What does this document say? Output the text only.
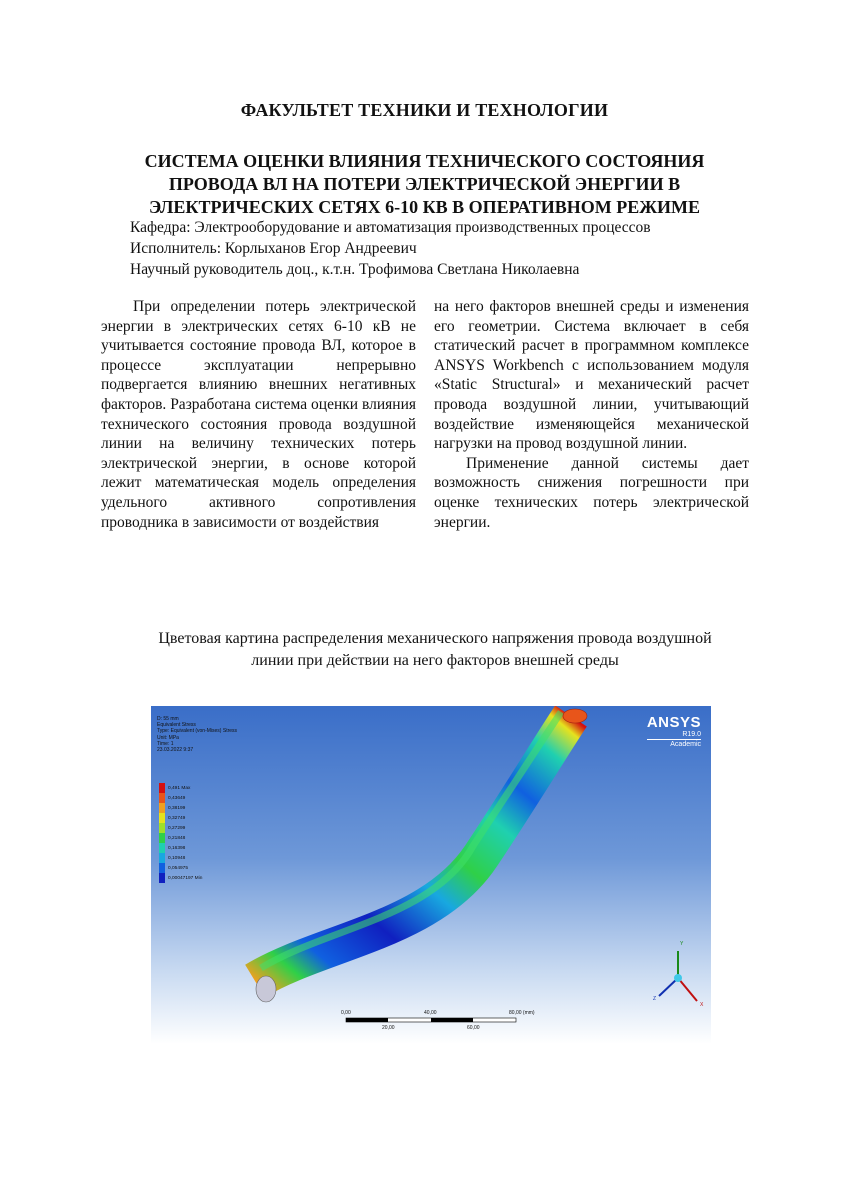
ФАКУЛЬТЕТ ТЕХНИКИ И ТЕХНОЛОГИИ
СИСТЕМА ОЦЕНКИ ВЛИЯНИЯ ТЕХНИЧЕСКОГО СОСТОЯНИЯ
ПРОВОДА ВЛ НА ПОТЕРИ ЭЛЕКТРИЧЕСКОЙ ЭНЕРГИИ В
ЭЛЕКТРИЧЕСКИХ СЕТЯХ 6-10 КВ В ОПЕРАТИВНОМ РЕЖИМЕ
Кафедра: Электрооборудование и автоматизация производственных процессов
Исполнитель: Корлыханов Егор Андреевич
Научный руководитель доц., к.т.н. Трофимова Светлана Николаевна

При определении потерь электрической энергии в электрических сетях 6-10 кВ не учитывается состояние провода ВЛ, которое в процессе эксплуатации непрерывно подвергается влиянию внешних негативных факторов. Разработана система оценки влияния технического состояния провода воздушной линии на величину технических потерь электрической энергии, в основе которой лежит математическая модель определения удельного активного сопротивления проводника в зависимости от воздействия

на него факторов внешней среды и изменения его геометрии. Система включает в себя статический расчет в программном комплексе ANSYS Workbench с использованием модуля «Static Structural» и механический расчет провода воздушной линии, учитывающий воздействие изменяющейся механической нагрузки на провод воздушной линии.

Применение данной системы дает возможность снижения погрешности при оценке технических потерь электрической энергии.

Цветовая картина распределения механического напряжения провода воздушной
линии при действии на него факторов внешней среды
D: 55 mm
Equivalent Stress
Type: Equivalent (von-Mises) Stress
Unit: MPa
Time: 1
23.03.2022 9:37
0,491 Max
0,43649
0,38199
0,32749
0,27299
0,21848
0,16398
0,10948
0,054975
0,00047197 Min
ANSYS
R19.0
Academic
0,00	40,00	80,00 (mm)
20,00	60,00
Y
Z
X
